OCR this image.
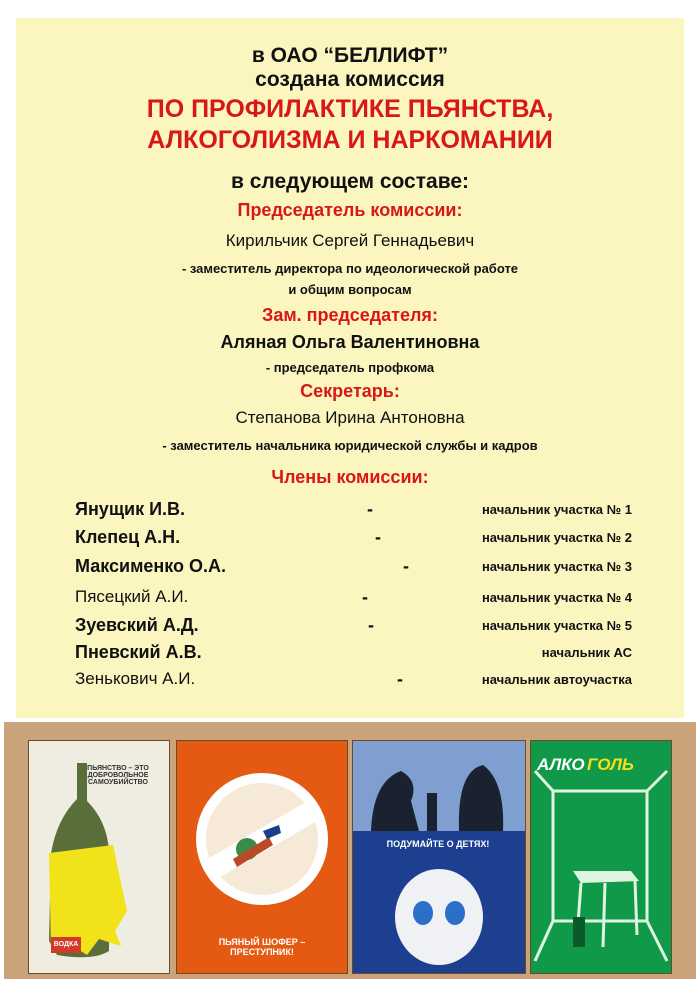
в ОАО “БЕЛЛИФТ”
создана комиссия
ПО ПРОФИЛАКТИКЕ ПЬЯНСТВА,
АЛКОГОЛИЗМА И НАРКОМАНИИ
в следующем составе:
Председатель комиссии:
Кирильчик Сергей Геннадьевич
- заместитель директора по идеологической работе
и общим вопросам
Зам. председателя:
Аляная Ольга Валентиновна
- председатель профкома
Секретарь:
Степанова Ирина Антоновна
- заместитель начальника юридической службы и кадров
Члены комиссии:
Янущик И.В.	-	начальник участка № 1
Клепец А.Н.	-	начальник участка № 2
Максименко О.А.	-	начальник участка № 3
Пясецкий А.И.	-	начальник участка № 4
Зуевский А.Д.	-	начальник участка № 5
Пневский А.В.	начальник АС
Зенькович А.И.	-	начальник автоучастка
ПЬЯНСТВО – ЭТО ДОБРОВОЛЬНОЕ САМОУБИЙСТВО
ВОДКА	ПЬЯНЫЙ ШОФЕР – ПРЕСТУПНИК!
ПОДУМАЙТЕ О ДЕТЯХ!
АЛКО ГОЛЬ
